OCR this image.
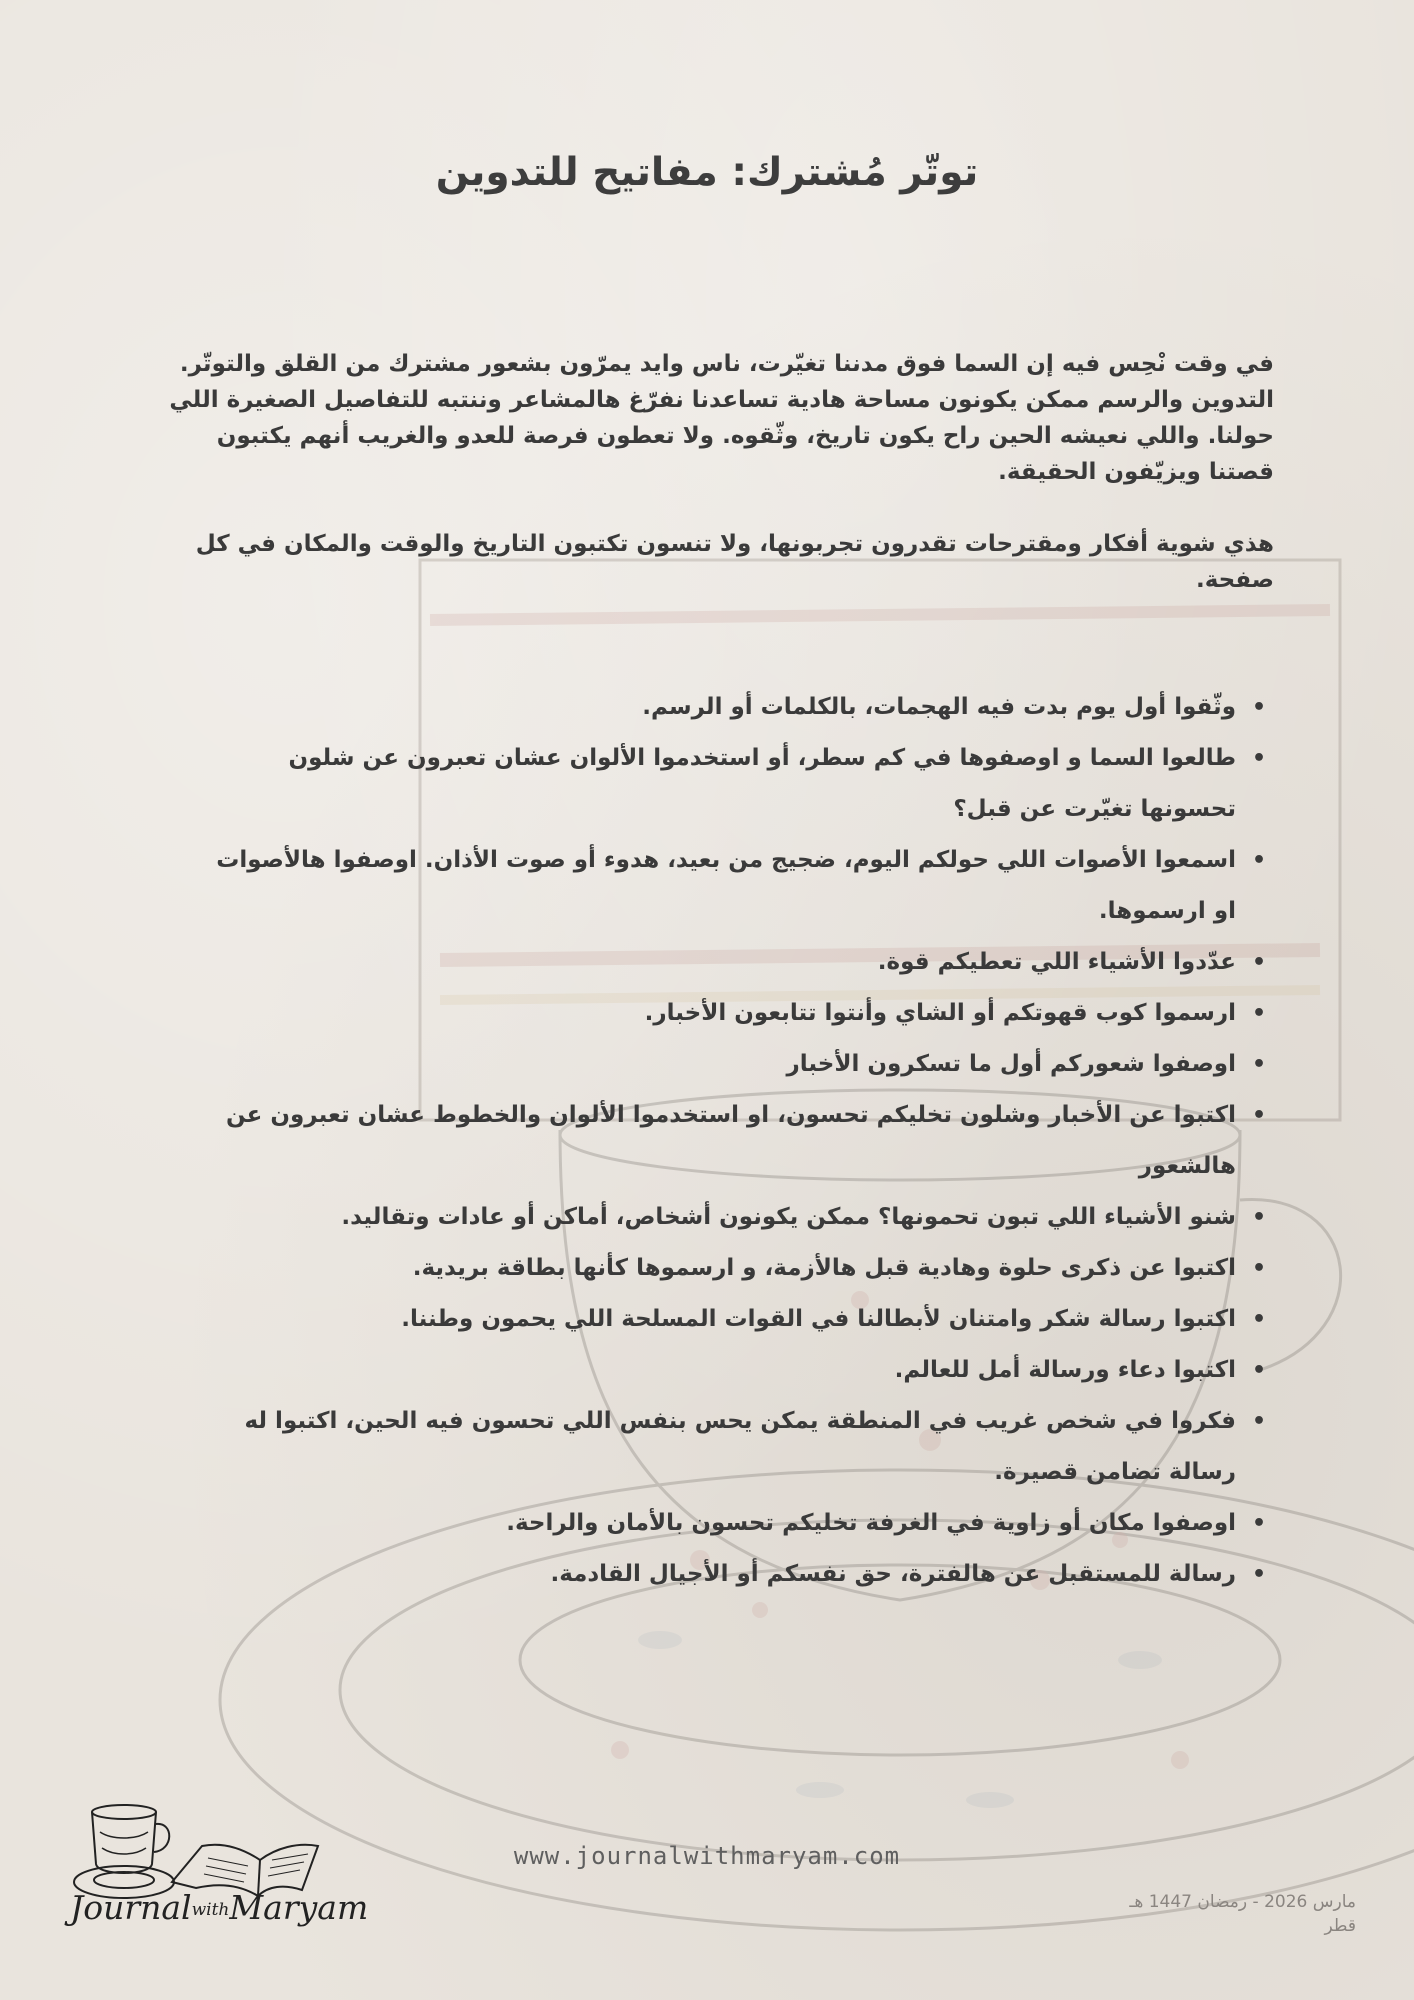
توتّر مُشترك: مفاتيح للتدوين

في وقت نْحِس فيه إن السما فوق مدننا تغيّرت، ناس وايد يمرّون بشعور مشترك من القلق والتوتّر. التدوين والرسم ممكن يكونون مساحة هادية تساعدنا نفرّغ هالمشاعر وننتبه للتفاصيل الصغيرة اللي حولنا. واللي نعيشه الحين راح يكون تاريخ، وثّقوه. ولا تعطون فرصة للعدو والغريب أنهم يكتبون قصتنا ويزيّفون الحقيقة.

هذي شوية أفكار ومقترحات تقدرون تجربونها، ولا تنسون تكتبون التاريخ والوقت والمكان في كل صفحة.

•
وثّقوا أول يوم بدت فيه الهجمات، بالكلمات أو الرسم.
•
طالعوا السما و اوصفوها في كم سطر، أو استخدموا الألوان عشان تعبرون عن شلون تحسونها تغيّرت عن قبل؟
•
اسمعوا الأصوات اللي حولكم اليوم، ضجيج من بعيد، هدوء أو صوت الأذان. اوصفوا هالأصوات او ارسموها.
•
عدّدوا الأشياء اللي تعطيكم قوة.
•
ارسموا كوب قهوتكم أو الشاي وأنتوا تتابعون الأخبار.
•
اوصفوا شعوركم أول ما تسكرون الأخبار
•
اكتبوا عن الأخبار وشلون تخليكم تحسون، او استخدموا الألوان والخطوط عشان تعبرون عن هالشعور
•
شنو الأشياء اللي تبون تحمونها؟ ممكن يكونون أشخاص، أماكن أو عادات وتقاليد.
•
اكتبوا عن ذكرى حلوة وهادية قبل هالأزمة، و ارسموها كأنها بطاقة بريدية.
•
اكتبوا رسالة شكر وامتنان لأبطالنا في القوات المسلحة اللي يحمون وطننا.
•
اكتبوا دعاء ورسالة أمل للعالم.
•
فكروا في شخص غريب في المنطقة يمكن يحس بنفس اللي تحسون فيه الحين، اكتبوا له رسالة تضامن قصيرة.
•
اوصفوا مكان أو زاوية في الغرفة تخليكم تحسون بالأمان والراحة.
•
رسالة للمستقبل عن هالفترة، حق نفسكم أو الأجيال القادمة.
JournalwithMaryam
www.journalwithmaryam.com
مارس 2026 - رمضان 1447 هـ
قطر
